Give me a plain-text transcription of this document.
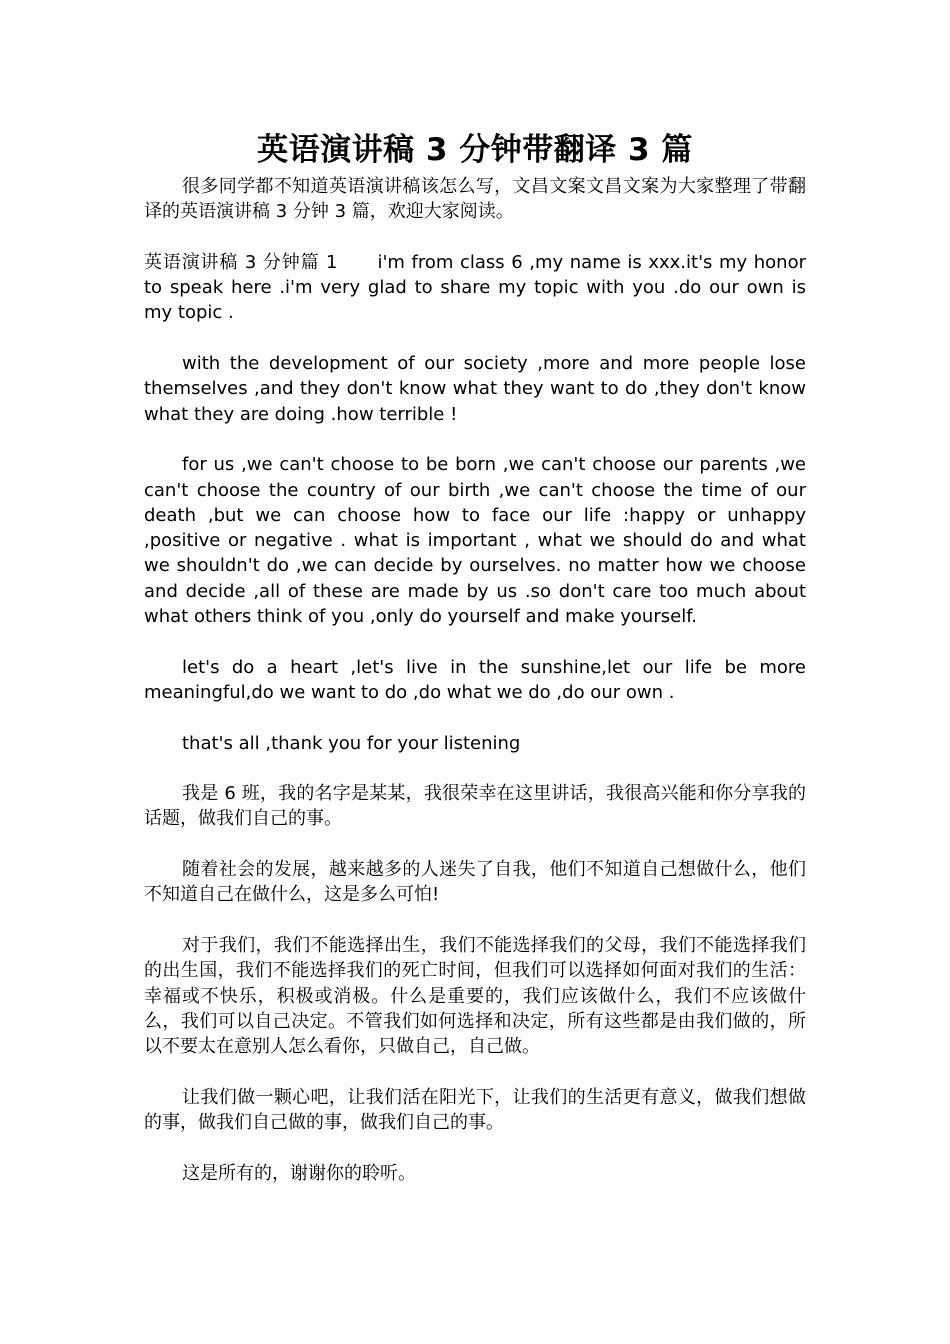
英语演讲稿 3 分钟带翻译 3 篇

很多同学都不知道英语演讲稿该怎么写，文昌文案文昌文案为大家整理了带翻译的英语演讲稿 3 分钟 3 篇，欢迎大家阅读。

英语演讲稿 3 分钟篇 1 i'm from class 6 ,my name is xxx.it's my honor to speak here .i'm very glad to share my topic with you .do our own is my topic .

with the development of our society ,more and more people lose themselves ,and they don't know what they want to do ,they don't know what they are doing .how terrible !

for us ,we can't choose to be born ,we can't choose our parents ,we can't choose the country of our birth ,we can't choose the time of our death ,but we can choose how to face our life :happy or unhappy ,positive or negative . what is important , what we should do and what we shouldn't do ,we can decide by ourselves. no matter how we choose and decide ,all of these are made by us .so don't care too much about what others think of you ,only do yourself and make yourself.

let's do a heart ,let's live in the sunshine,let our life be more meaningful,do we want to do ,do what we do ,do our own .

that's all ,thank you for your listening

我是 6 班，我的名字是某某，我很荣幸在这里讲话，我很高兴能和你分享我的话题，做我们自己的事。

随着社会的发展，越来越多的人迷失了自我，他们不知道自己想做什么，他们不知道自己在做什么，这是多么可怕!

对于我们，我们不能选择出生，我们不能选择我们的父母，我们不能选择我们的出生国，我们不能选择我们的死亡时间，但我们可以选择如何面对我们的生活：幸福或不快乐，积极或消极。什么是重要的，我们应该做什么，我们不应该做什么，我们可以自己决定。不管我们如何选择和决定，所有这些都是由我们做的，所以不要太在意别人怎么看你，只做自己，自己做。

让我们做一颗心吧，让我们活在阳光下，让我们的生活更有意义，做我们想做的事，做我们自己做的事，做我们自己的事。

这是所有的，谢谢你的聆听。
